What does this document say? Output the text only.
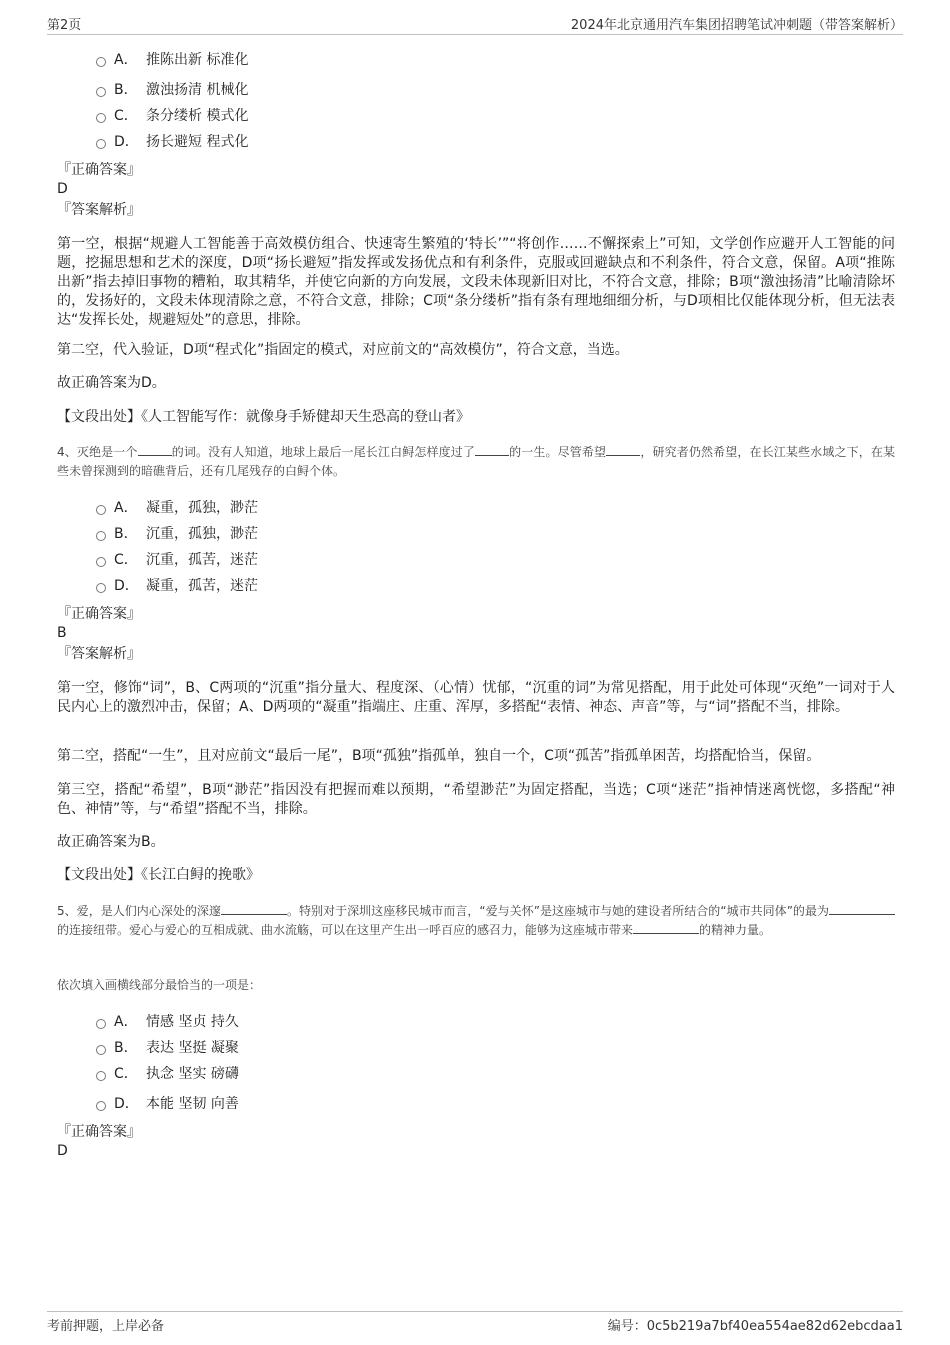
第2页	2024年北京通用汽车集团招聘笔试冲刺题（带答案解析）
A． 推陈出新 标准化
B． 激浊扬清 机械化
C． 条分缕析 模式化
D． 扬长避短 程式化
『正确答案』
D
『答案解析』
第一空，根据“规避人工智能善于高效模仿组合、快速寄生繁殖的‘特长’”“将创作……不懈探索上”可知，文学创作应避开人工智能的问题，挖掘思想和艺术的深度，D项“扬长避短”指发挥或发扬优点和有利条件，克服或回避缺点和不利条件，符合文意，保留。A项“推陈出新”指去掉旧事物的糟粕，取其精华，并使它向新的方向发展，文段未体现新旧对比，不符合文意，排除；B项“激浊扬清”比喻清除坏的，发扬好的，文段未体现清除之意，不符合文意，排除；C项“条分缕析”指有条有理地细细分析，与D项相比仅能体现分析，但无法表达“发挥长处，规避短处”的意思，排除。
第二空，代入验证，D项“程式化”指固定的模式，对应前文的“高效模仿”，符合文意，当选。
故正确答案为D。
【文段出处】《人工智能写作：就像身手矫健却天生恐高的登山者》
4、灭绝是一个	的词。没有人知道，地球上最后一尾长江白鲟怎样度过了	的一生。尽管希望	，研究者仍然希望，在长江某些水域之下，在某些未曾探测到的暗礁背后，还有几尾残存的白鲟个体。
A． 凝重，孤独，渺茫
B． 沉重，孤独，渺茫
C． 沉重，孤苦，迷茫
D． 凝重，孤苦，迷茫
『正确答案』
B
『答案解析』
第一空，修饰“词”，B、C两项的“沉重”指分量大、程度深、（心情）忧郁，“沉重的词”为常见搭配，用于此处可体现“灭绝”一词对于人民内心上的激烈冲击，保留；A、D两项的“凝重”指端庄、庄重、浑厚，多搭配“表情、神态、声音”等，与“词”搭配不当，排除。
第二空，搭配“一生”，且对应前文“最后一尾”，B项“孤独”指孤单，独自一个，C项“孤苦”指孤单困苦，均搭配恰当，保留。
第三空，搭配“希望”，B项“渺茫”指因没有把握而难以预期，“希望渺茫”为固定搭配，当选；C项“迷茫”指神情迷离恍惚，多搭配“神色、神情”等，与“希望”搭配不当，排除。
故正确答案为B。
【文段出处】《长江白鲟的挽歌》
5、爱，是人们内心深处的深邃	。特别对于深圳这座移民城市而言，“爱与关怀”是这座城市与她的建设者所结合的“城市共同体”的最为的连接纽带。爱心与爱心的互相成就、曲水流觞，可以在这里产生出一呼百应的感召力，能够为这座城市带来	的精神力量。
依次填入画横线部分最恰当的一项是：
A． 情感 坚贞 持久
B． 表达 坚挺 凝聚
C． 执念 坚实 磅礴
D． 本能 坚韧 向善
『正确答案』
D
考前押题，上岸必备	编号：0c5b219a7bf40ea554ae82d62ebcdaa1
